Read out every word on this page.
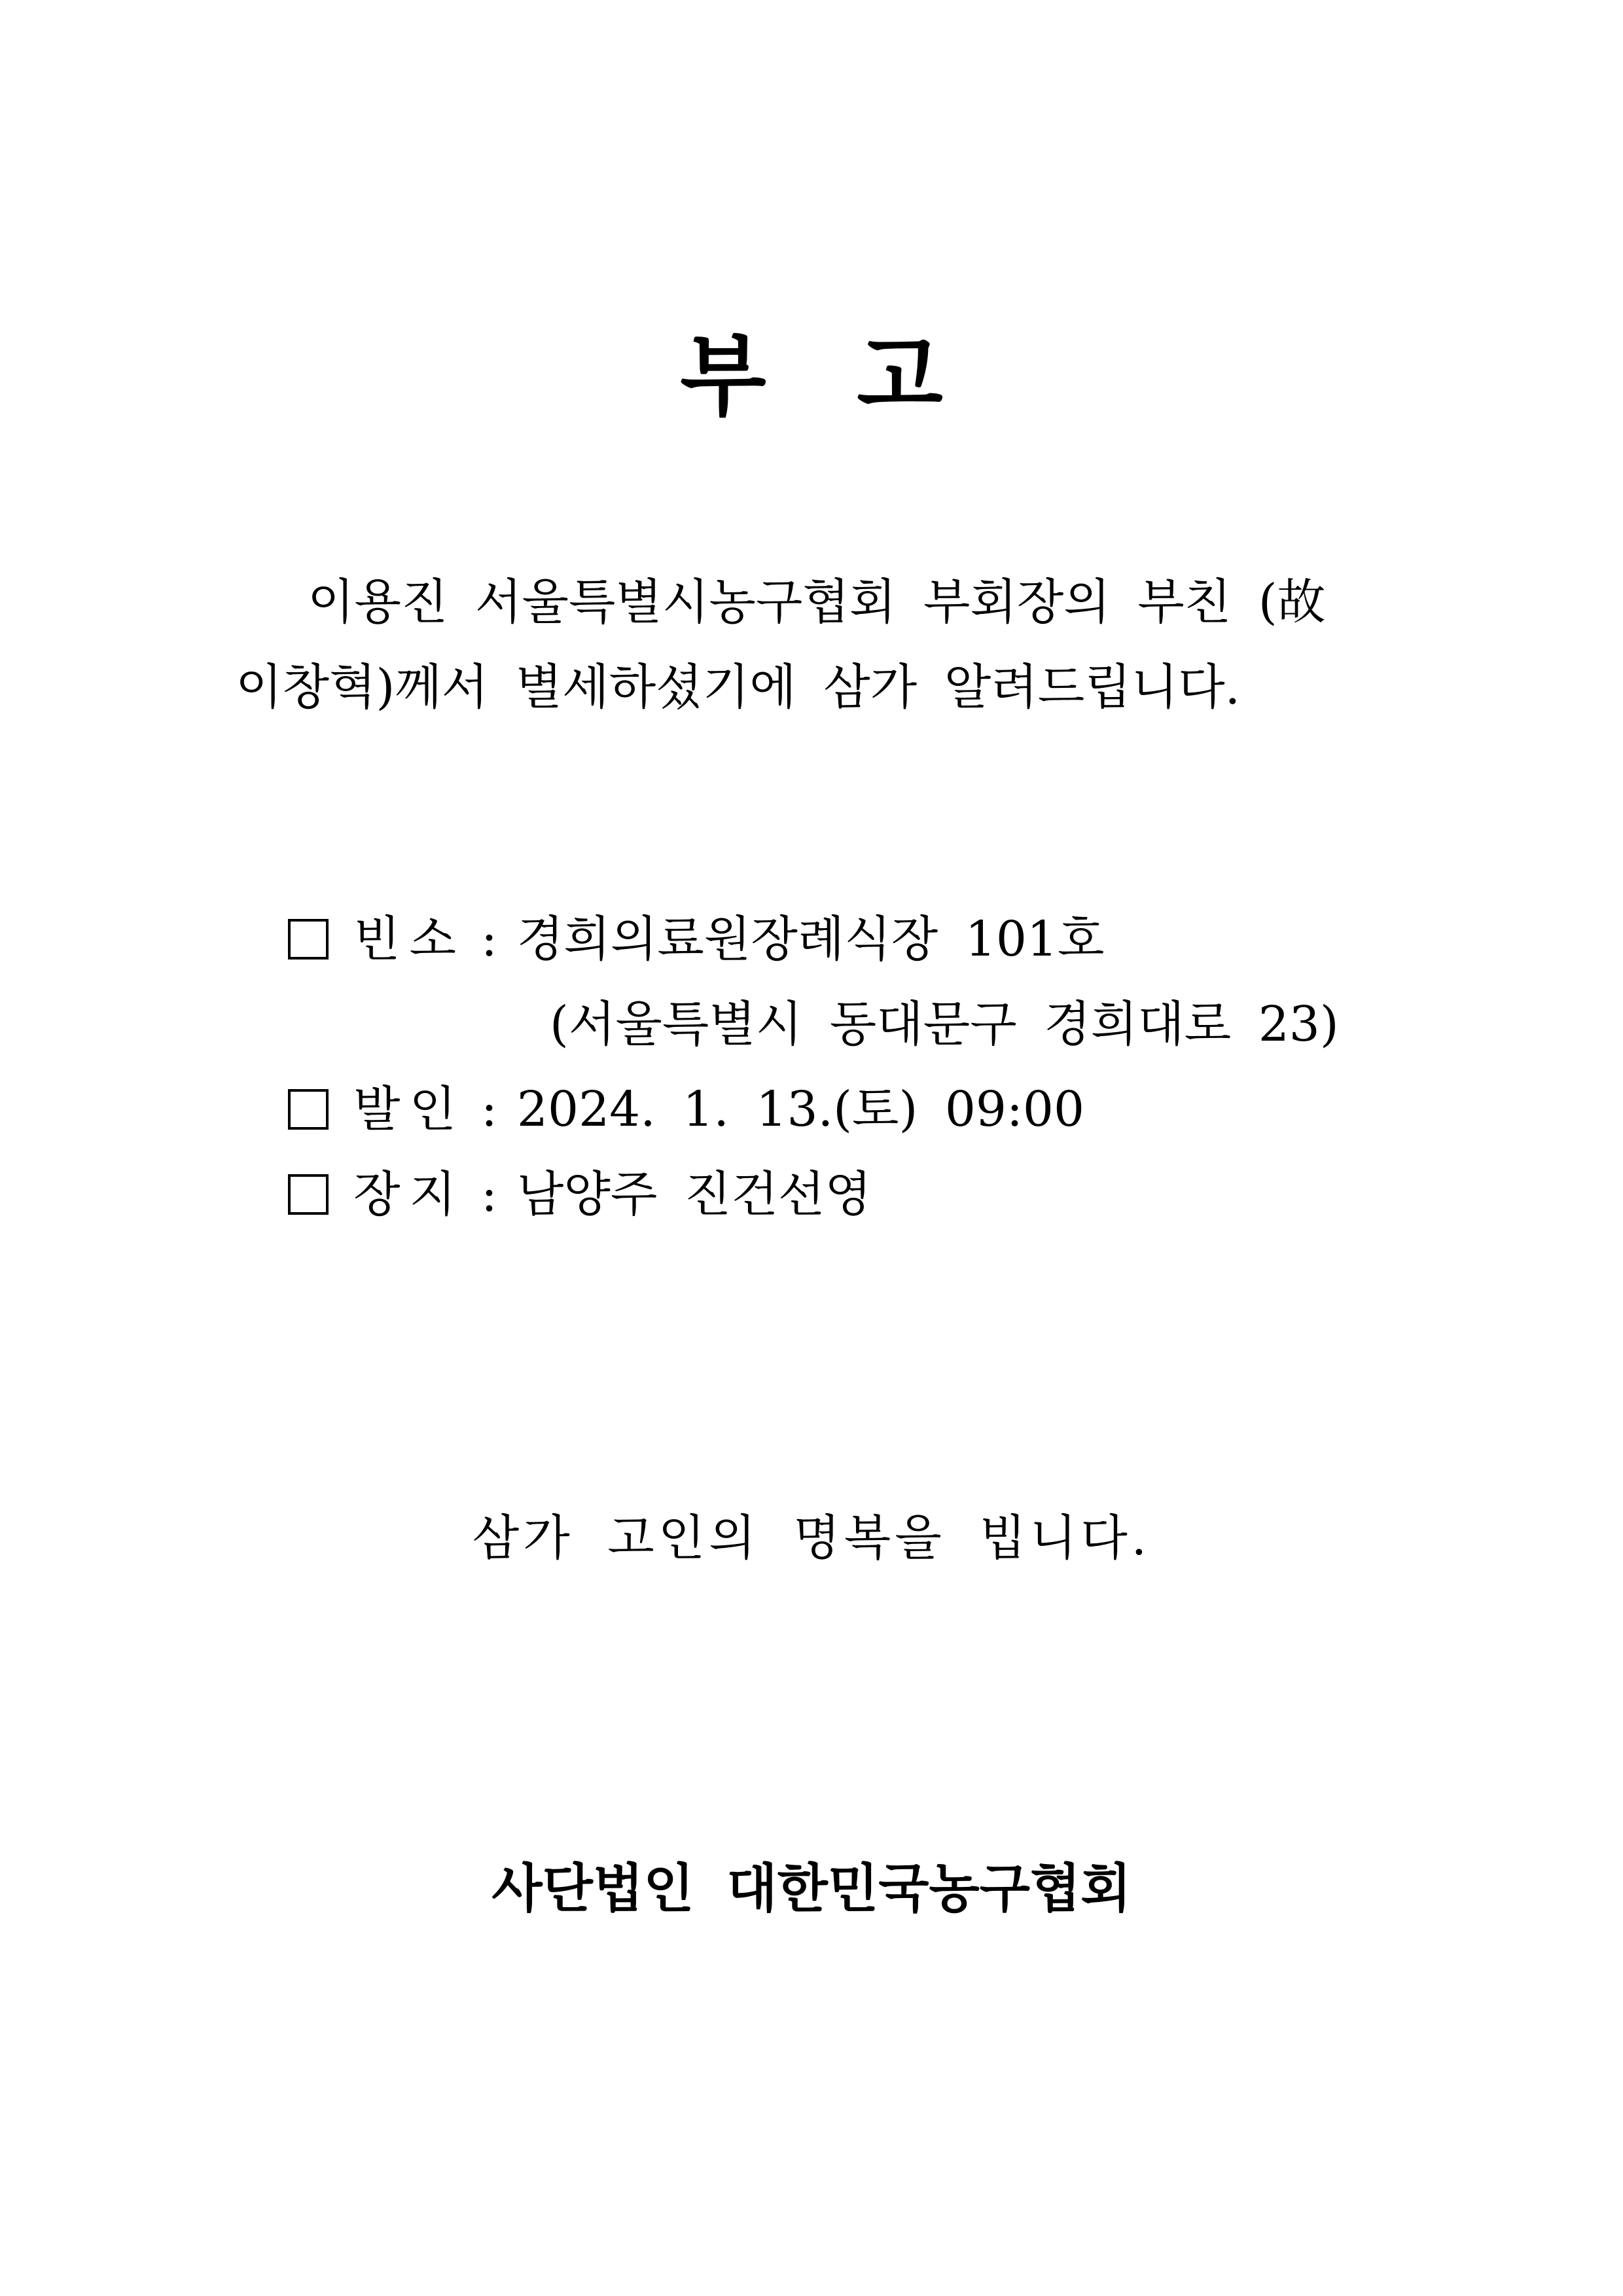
부 고
이용진 서울특별시농구협회 부회장의 부친 (故
이창혁)께서 별세하셨기에 삼가 알려드립니다.
빈소 : 경희의료원장례식장 101호
(서울특별시 동대문구 경희대로 23)
발인 : 2024. 1. 13.(토) 09:00
장지 : 남양주 진건선영
삼가 고인의 명복을 빕니다.
사단법인 대한민국농구협회
